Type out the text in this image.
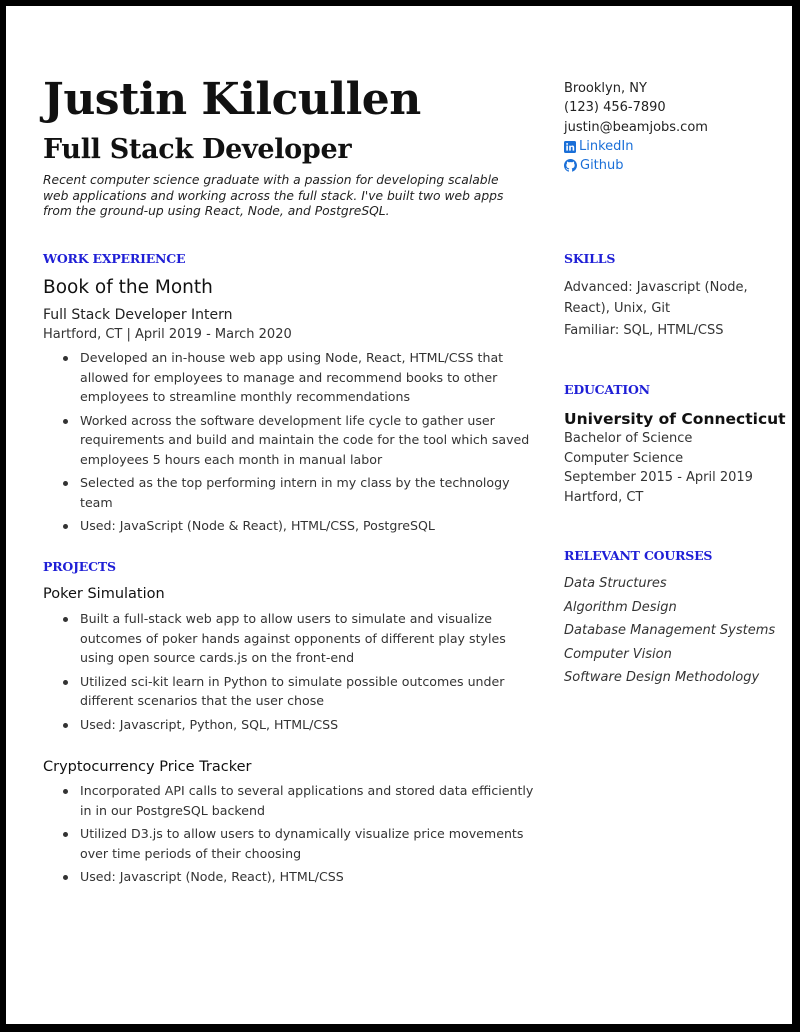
Justin Kilcullen
Full Stack Developer
Recent computer science graduate with a passion for developing scalable web applications and working across the full stack. I've built two web apps from the ground-up using React, Node, and PostgreSQL.
Brooklyn, NY
(123) 456-7890
justin@beamjobs.com
LinkedIn
Github
WORK EXPERIENCE
Book of the Month
Full Stack Developer Intern
Hartford, CT | April 2019 - March 2020
Developed an in-house web app using Node, React, HTML/CSS that allowed for employees to manage and recommend books to other employees to streamline monthly recommendations
Worked across the software development life cycle to gather user requirements and build and maintain the code for the tool which saved employees 5 hours each month in manual labor
Selected as the top performing intern in my class by the technology team
Used: JavaScript (Node & React), HTML/CSS, PostgreSQL
PROJECTS
Poker Simulation
Built a full-stack web app to allow users to simulate and visualize outcomes of poker hands against opponents of different play styles using open source cards.js on the front-end
Utilized sci-kit learn in Python to simulate possible outcomes under different scenarios that the user chose
Used: Javascript, Python, SQL, HTML/CSS
Cryptocurrency Price Tracker
Incorporated API calls to several applications and stored data efficiently in in our PostgreSQL backend
Utilized D3.js to allow users to dynamically visualize price movements over time periods of their choosing
Used: Javascript (Node, React), HTML/CSS
SKILLS
Advanced: Javascript (Node, React), Unix, Git
Familiar: SQL, HTML/CSS
EDUCATION
University of Connecticut
Bachelor of Science
Computer Science
September 2015 - April 2019
Hartford, CT
RELEVANT COURSES
Data Structures
Algorithm Design
Database Management Systems
Computer Vision
Software Design Methodology
